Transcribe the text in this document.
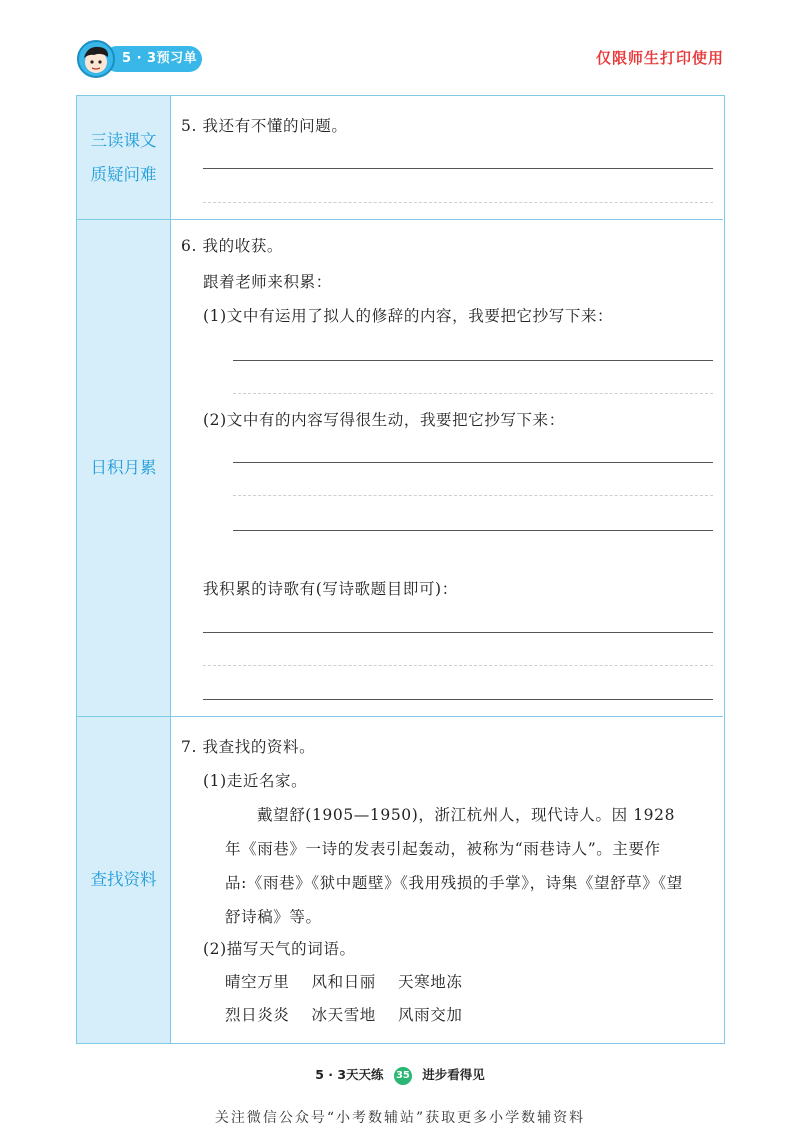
5 · 3预习单	仅限师生打印使用
三读课文
质疑问难
5. 我还有不懂的问题。
日积月累
6. 我的收获。
跟着老师来积累：
(1)文中有运用了拟人的修辞的内容，我要把它抄写下来：
(2)文中有的内容写得很生动，我要把它抄写下来：
我积累的诗歌有(写诗歌题目即可)：
查找资料
7. 我查找的资料。
(1)走近名家。
戴望舒(1905—1950)，浙江杭州人，现代诗人。因 1928
年《雨巷》一诗的发表引起轰动，被称为“雨巷诗人”。主要作
品:《雨巷》《狱中题壁》《我用残损的手掌》，诗集《望舒草》《望
舒诗稿》等。
(2)描写天气的词语。
晴空万里    风和日丽    天寒地冻
烈日炎炎    冰天雪地    风雨交加
5 · 3天天练 35 进步看得见
关注微信公众号“小考数辅站”获取更多小学数辅资料
